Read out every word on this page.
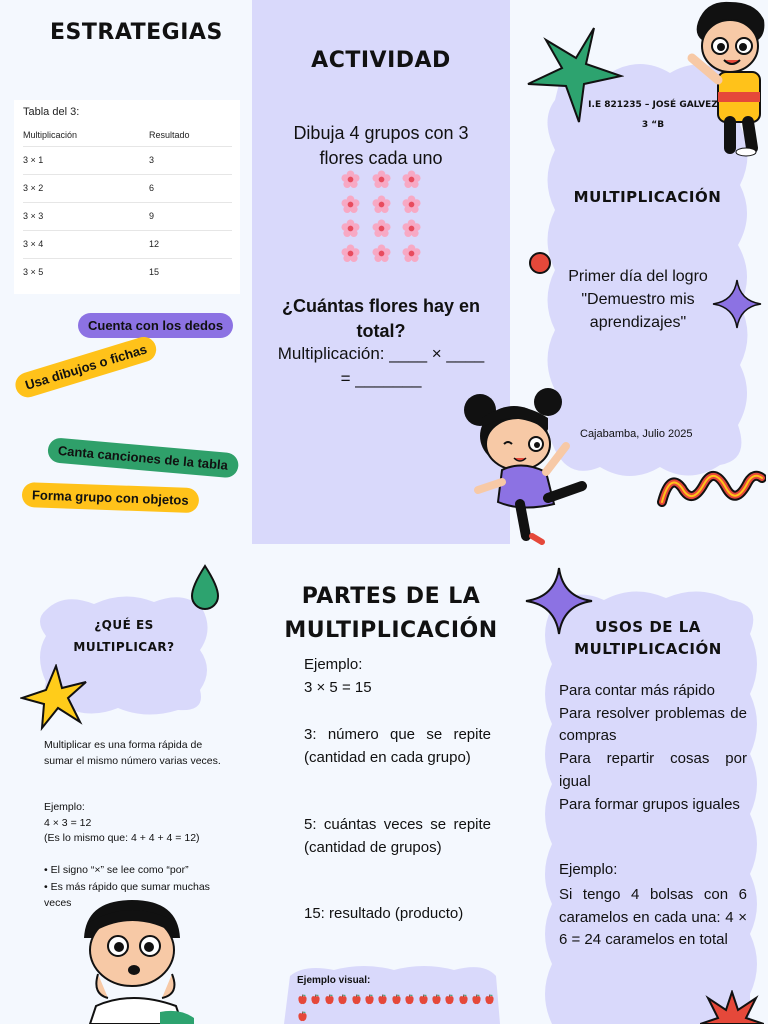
ESTRATEGIAS
Tabla del 3:
Multiplicación	Resultado
3 × 1	3
3 × 2	6
3 × 3	9
3 × 4	12
3 × 5	15
Cuenta con los dedos
Usa dibujos o fichas
Canta canciones de la tabla
Forma grupo con objetos
ACTIVIDAD
Dibuja 4 grupos con 3 flores cada uno

¿Cuántas flores hay en total?
Multiplicación: ____ × ____
= _______
I.E 821235 – JOSÉ GALVEZ
3 “B
MULTIPLICACIÓN
Primer día del logro "Demuestro mis aprendizajes"
Cajabamba, Julio 2025
¿QUÉ ES
MULTIPLICAR?
Multiplicar es una forma rápida de sumar el mismo número varias veces.
Ejemplo:
4 × 3 = 12
(Es lo mismo que: 4 + 4 + 4 = 12)
• El signo “×” se lee como “por”
• Es más rápido que sumar muchas veces
PARTES DE LA
MULTIPLICACIÓN
Ejemplo:
3 × 5 = 15
3: número que se repite (cantidad en cada grupo)
5: cuántas veces se repite (cantidad de grupos)
15: resultado (producto)
Ejemplo visual:
USOS DE LA
MULTIPLICACIÓN
Para contar más rápido
Para resolver problemas de compras
Para repartir cosas por igual
Para formar grupos iguales
Ejemplo:
Si tengo 4 bolsas con 6 caramelos en cada una: 4 × 6 = 24 caramelos en total
